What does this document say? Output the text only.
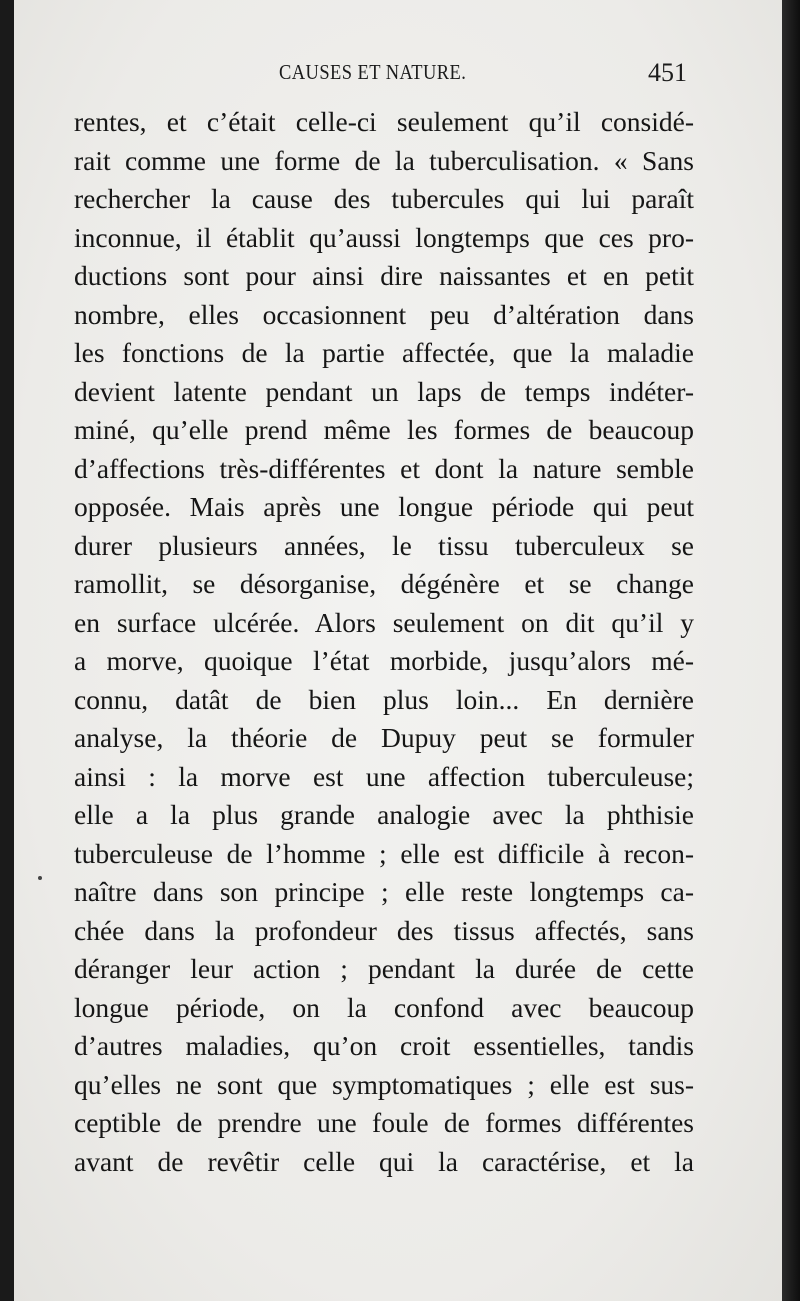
CAUSES ET NATURE.	451
rentes, et c’était celle-ci seulement qu’il considé-
rait comme une forme de la tuberculisation. « Sans
rechercher la cause des tubercules qui lui paraît
inconnue, il établit qu’aussi longtemps que ces pro-
ductions sont pour ainsi dire naissantes et en petit
nombre, elles occasionnent peu d’altération dans
les fonctions de la partie affectée, que la maladie
devient latente pendant un laps de temps indéter-
miné, qu’elle prend même les formes de beaucoup
d’affections très-différentes et dont la nature semble
opposée. Mais après une longue période qui peut
durer plusieurs années, le tissu tuberculeux se
ramollit, se désorganise, dégénère et se change
en surface ulcérée. Alors seulement on dit qu’il y
a morve, quoique l’état morbide, jusqu’alors mé-
connu, datât de bien plus loin... En dernière
analyse, la théorie de Dupuy peut se formuler
ainsi : la morve est une affection tuberculeuse;
elle a la plus grande analogie avec la phthisie
tuberculeuse de l’homme ; elle est difficile à recon-
naître dans son principe ; elle reste longtemps ca-
chée dans la profondeur des tissus affectés, sans
déranger leur action ; pendant la durée de cette
longue période, on la confond avec beaucoup
d’autres maladies, qu’on croit essentielles, tandis
qu’elles ne sont que symptomatiques ; elle est sus-
ceptible de prendre une foule de formes différentes
avant de revêtir celle qui la caractérise, et la
